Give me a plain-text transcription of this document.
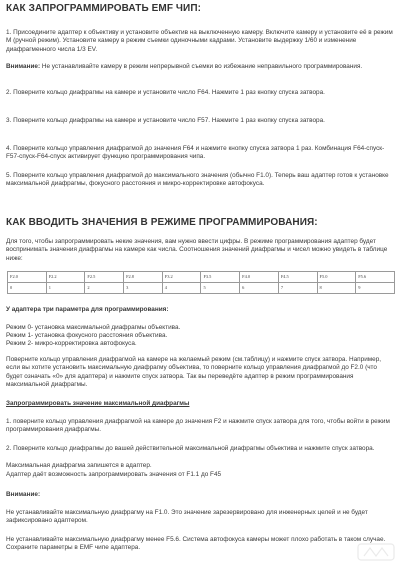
КАК ЗАПРОГРАММИРОВАТЬ EMF ЧИП:

1. Присоедините адаптер к объективу и установите объектив на выключенную камеру. Включите камеру и установите её в режим М (ручной режим). Установите камеру в режим съемки одиночными кадрами. Установите выдержку 1/60 и изменение диафрагменного числа 1/3 EV.

Внимание: Не устанавливайте камеру в режим непрерывной съемки во избежание неправильного программирования.

2. Поверните кольцо диафрагмы на камере и установите число F64. Нажмите 1 раз кнопку спуска затвора.

3. Поверните кольцо диафрагмы на камере и установите число F57. Нажмите 1 раз кнопку спуска затвора.

4. Поверните кольцо управления диафрагмой до значения F64 и нажмите кнопку спуска затвора 1 раз. Комбинация F64-спуск-F57-спуск-F64-спуск активирует функцию программирования чипа.

5. Поверните кольцо управления диафрагмой до максимального значения (обычно F1.0). Теперь ваш адаптер готов к установке максимальной диафрагмы, фокусного расстояния и микро-корректировке автофокуса.

КАК ВВОДИТЬ ЗНАЧЕНИЯ В РЕЖИМЕ ПРОГРАММИРОВАНИЯ:

Для того, чтобы запрограммировать некие значения, вам нужно ввести цифры. В режиме программирования адаптер будет воспринимать значения диафрагмы на камере как числа. Соотношения значений диафрагмы и чисел можно увидеть в таблице ниже:

F2.0	F2.2	F2.5	F2.8	F3.2	F3.5	F4.0	F4.5	F5.0	F5.6
0	1	2	3	4	5	6	7	8	9

У адаптера три параметра для программирования:

Режим 0- установка максимальной диафрагмы объектива.

Режим 1- установка фокусного расстояния объектива.

Режим 2- микро-корректировка автофокуса.

Поверните кольцо управления диафрагмой на камере на желаемый режим (см.таблицу) и нажмите спуск затвора. Например, если вы хотите установить максимальную диафрагму объектива, то поверните кольцо управления диафрагмой до F2.0 (что будет означать «0» для адаптера) и нажмите спуск затвора. Так вы переведёте адаптер в режим программирования максимальной диафрагмы.

Запрограммировать значение максимальной диафрагмы

1. поверните кольцо управления диафрагмой на камере до значения F2 и нажмите спуск затвора для того, чтобы войти в режим программирования диафрагмы.

2. Поверните кольцо диафрагмы до вашей действительной максимальной диафрагмы объектива и нажмите спуск затвора.

Максимальная диафрагма запишется в адаптер.

Адаптер даёт возможность запрограммировать значения от F1.1 до F45

Внимание:

Не устанавливайте максимальную диафрагму на F1.0. Это значение зарезервировано для инженерных целей и не будет зафиксировано адаптером.

Не устанавливайте максимальную диафрагму менее F5.6. Система автофокуса камеры может плохо работать в таком случае. Сохраните параметры в EMF чипе адаптера.
